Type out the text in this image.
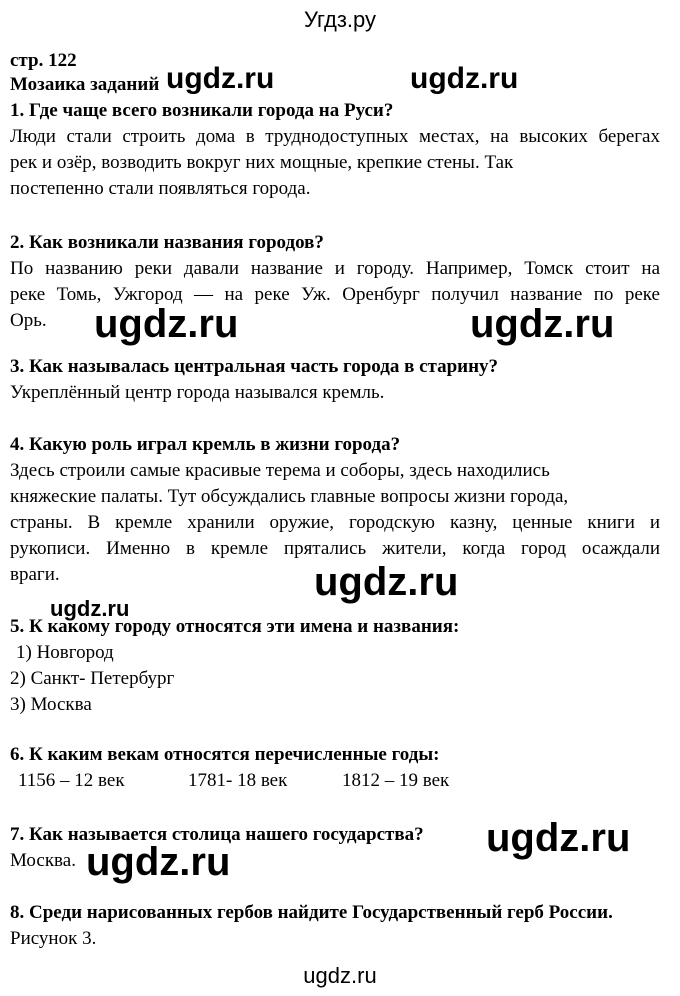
Угдз.ру
стр. 122
Мозаика заданий
1. Где чаще всего возникали города на Руси?
Люди стали строить дома в труднодоступных местах, на высоких берегах
рек и озёр, возводить вокруг них мощные, крепкие стены. Так
постепенно стали появляться города.
2. Как возникали названия городов?
По названию реки давали название и городу. Например, Томск стоит на
реке Томь, Ужгород — на реке Уж. Оренбург получил название по реке
Орь.
3. Как называлась центральная часть города в старину?
Укреплённый центр города назывался кремль.
4. Какую роль играл кремль в жизни города?
Здесь строили самые красивые терема и соборы, здесь находились
княжеские палаты. Тут обсуждались главные вопросы жизни города,
страны. В кремле хранили оружие, городскую казну, ценные книги и
рукописи. Именно в кремле прятались жители, когда город осаждали
враги.
5. К какому городу относятся эти имена и названия:
1) Новгород
2) Санкт- Петербург
3) Москва
6. К каким векам относятся перечисленные годы:
1156 – 12 век	1781- 18 век	1812 – 19 век
7. Как называется столица нашего государства?
Москва.
8. Среди нарисованных гербов найдите Государственный герб России.
Рисунок 3.
ugdz.ru	ugdz.ru
ugdz.ru	ugdz.ru
ugdz.ru
ugdz.ru
ugdz.ru
ugdz.ru
ugdz.ru
